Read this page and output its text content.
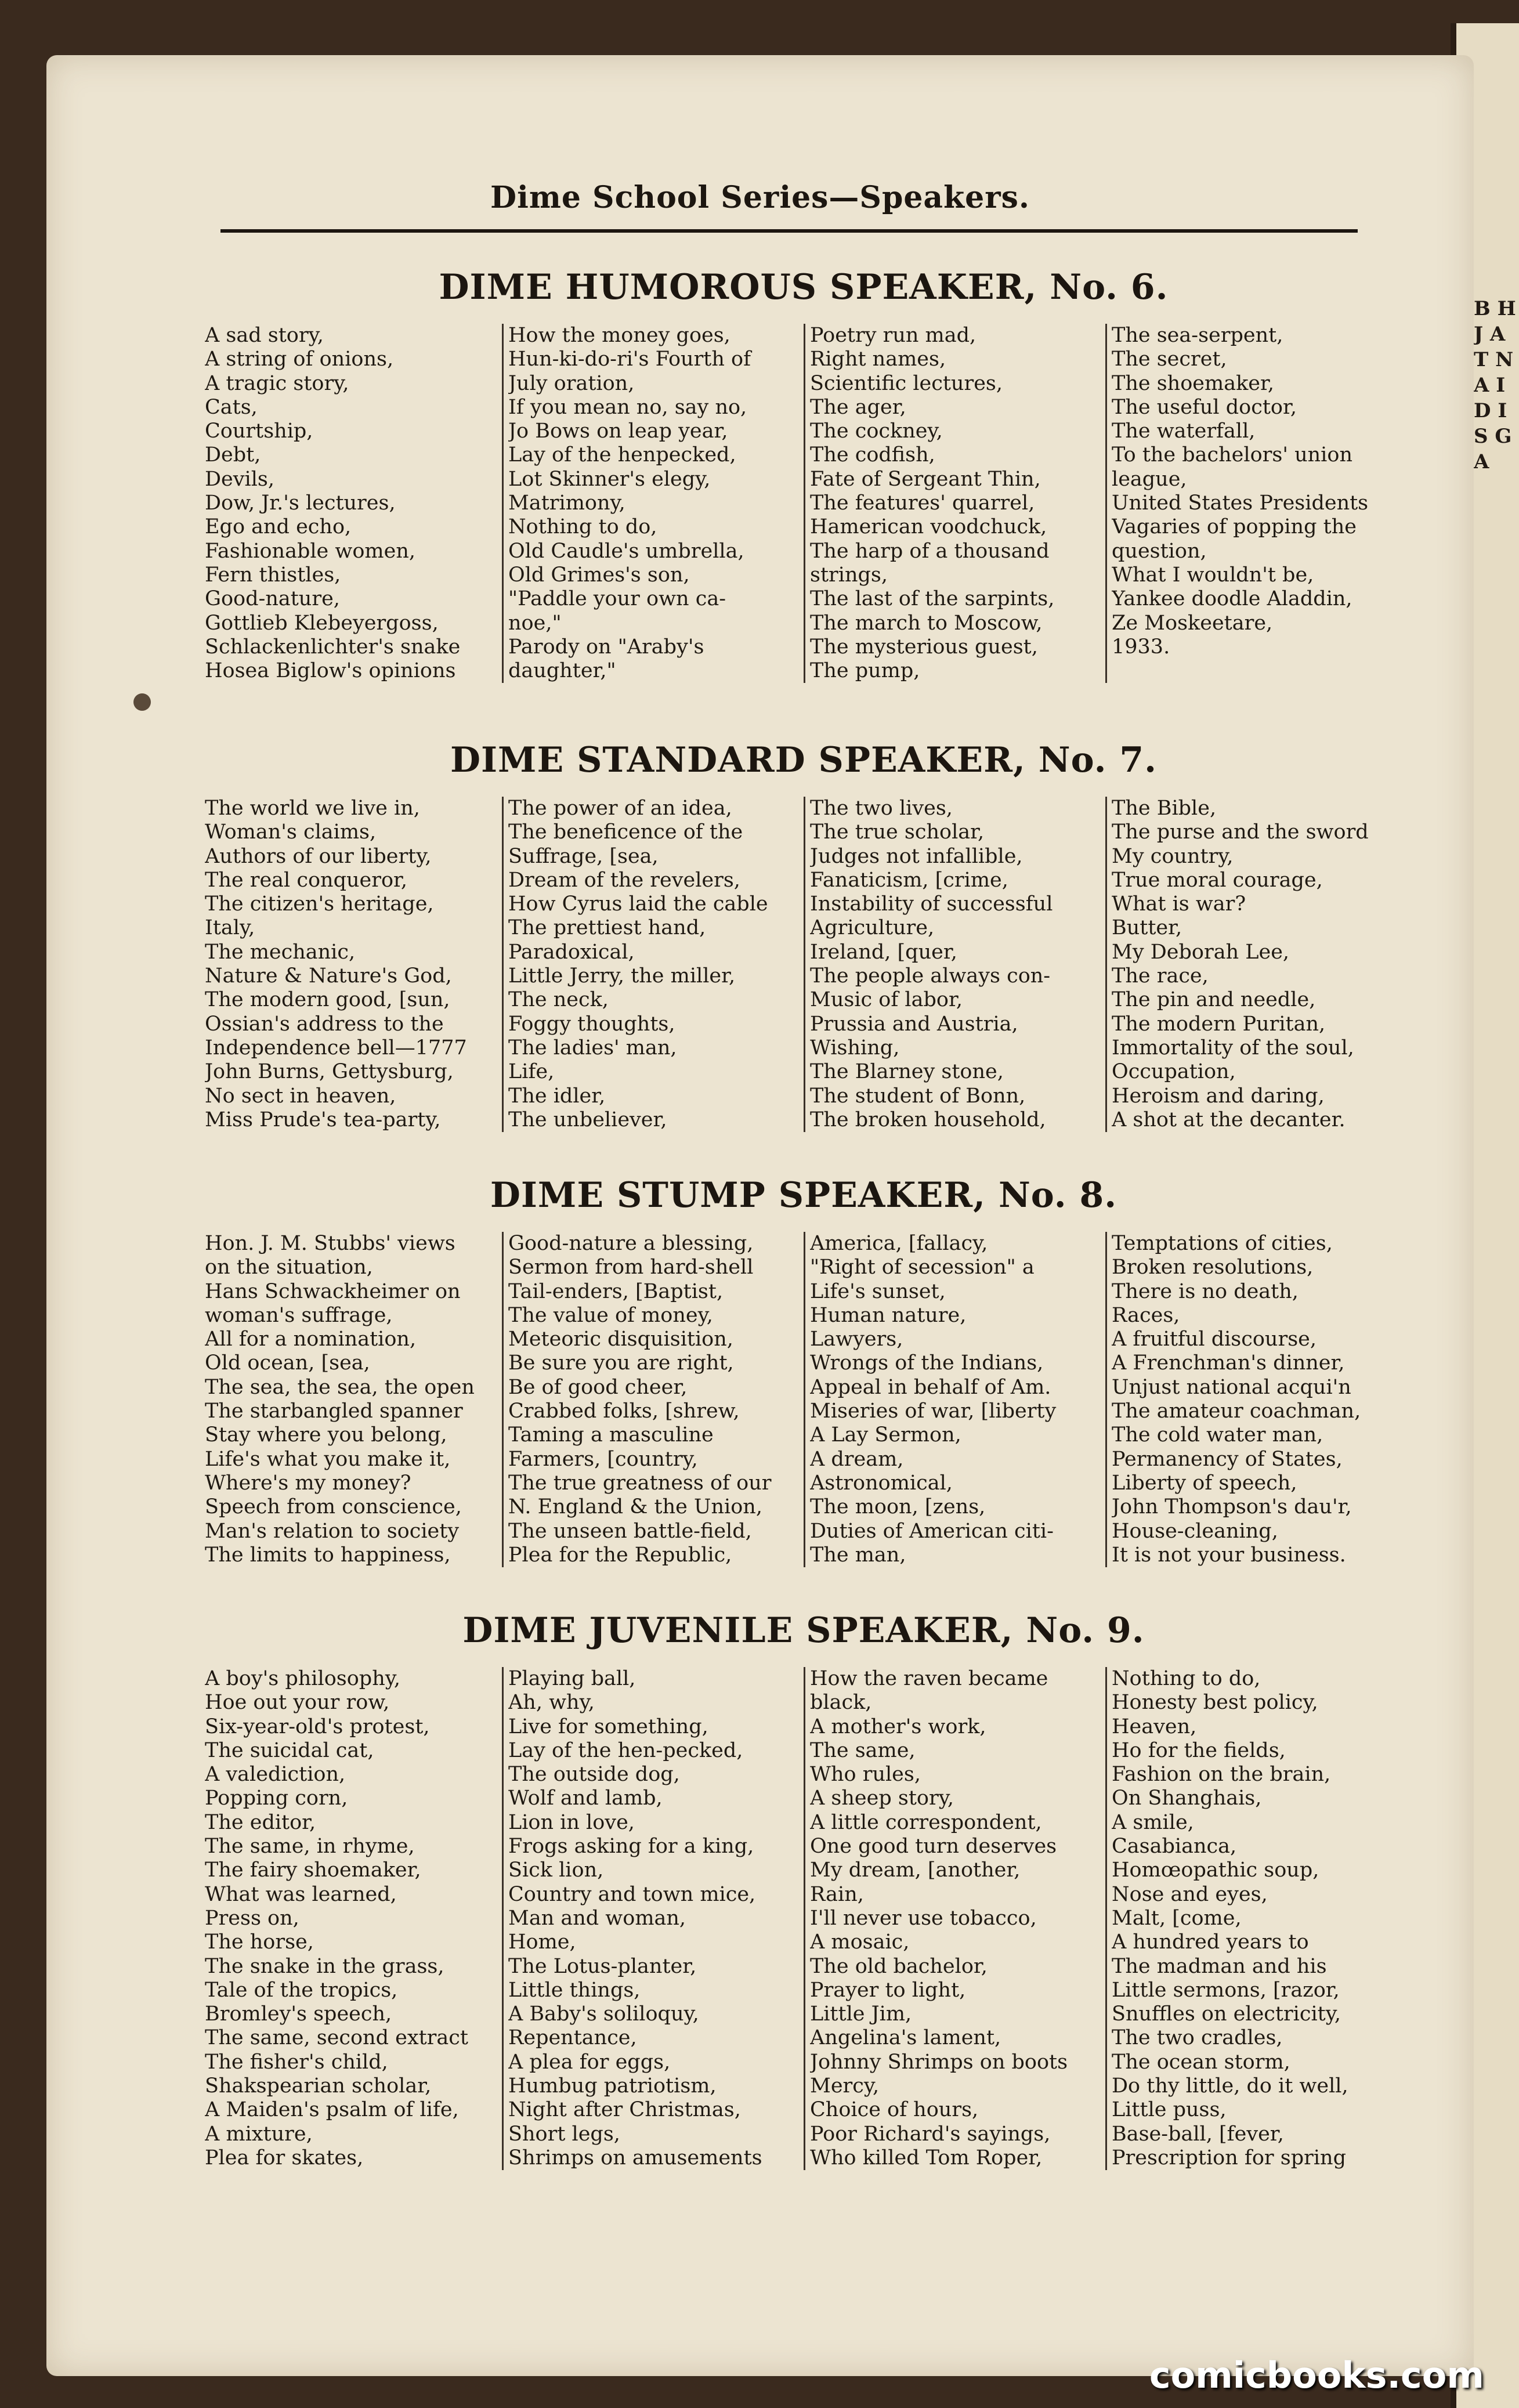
B H J A T N A I D I S G A
Dime School Series—Speakers.
DIME HUMOROUS SPEAKER, No. 6.
A sad story,
A string of onions,
A tragic story,
Cats,
Courtship,
Debt,
Devils,
Dow, Jr.'s lectures,
Ego and echo,
Fashionable women,
Fern thistles,
Good-nature,
Gottlieb Klebeyergoss,
Schlackenlichter's snake
Hosea Biglow's opinions
How the money goes,
Hun-ki-do-ri's Fourth of
July oration,
If you mean no, say no,
Jo Bows on leap year,
Lay of the henpecked,
Lot Skinner's elegy,
Matrimony,
Nothing to do,
Old Caudle's umbrella,
Old Grimes's son,
"Paddle your own ca-
noe,"
Parody on "Araby's
daughter,"
Poetry run mad,
Right names,
Scientific lectures,
The ager,
The cockney,
The codfish,
Fate of Sergeant Thin,
The features' quarrel,
Hamerican voodchuck,
The harp of a thousand
strings,
The last of the sarpints,
The march to Moscow,
The mysterious guest,
The pump,
The sea-serpent,
The secret,
The shoemaker,
The useful doctor,
The waterfall,
To the bachelors' union
league,
United States Presidents
Vagaries of popping the
question,
What I wouldn't be,
Yankee doodle Aladdin,
Ze Moskeetare,
1933.
DIME STANDARD SPEAKER, No. 7.
The world we live in,
Woman's claims,
Authors of our liberty,
The real conqueror,
The citizen's heritage,
Italy,
The mechanic,
Nature & Nature's God,
The modern good, [sun,
Ossian's address to the
Independence bell—1777
John Burns, Gettysburg,
No sect in heaven,
Miss Prude's tea-party,
The power of an idea,
The beneficence of the
Suffrage, [sea,
Dream of the revelers,
How Cyrus laid the cable
The prettiest hand,
Paradoxical,
Little Jerry, the miller,
The neck,
Foggy thoughts,
The ladies' man,
Life,
The idler,
The unbeliever,
The two lives,
The true scholar,
Judges not infallible,
Fanaticism, [crime,
Instability of successful
Agriculture,
Ireland, [quer,
The people always con-
Music of labor,
Prussia and Austria,
Wishing,
The Blarney stone,
The student of Bonn,
The broken household,
The Bible,
The purse and the sword
My country,
True moral courage,
What is war?
Butter,
My Deborah Lee,
The race,
The pin and needle,
The modern Puritan,
Immortality of the soul,
Occupation,
Heroism and daring,
A shot at the decanter.
DIME STUMP SPEAKER, No. 8.
Hon. J. M. Stubbs' views
on the situation,
Hans Schwackheimer on
woman's suffrage,
All for a nomination,
Old ocean, [sea,
The sea, the sea, the open
The starbangled spanner
Stay where you belong,
Life's what you make it,
Where's my money?
Speech from conscience,
Man's relation to society
The limits to happiness,
Good-nature a blessing,
Sermon from hard-shell
Tail-enders, [Baptist,
The value of money,
Meteoric disquisition,
Be sure you are right,
Be of good cheer,
Crabbed folks, [shrew,
Taming a masculine
Farmers, [country,
The true greatness of our
N. England & the Union,
The unseen battle-field,
Plea for the Republic,
America, [fallacy,
"Right of secession" a
Life's sunset,
Human nature,
Lawyers,
Wrongs of the Indians,
Appeal in behalf of Am.
Miseries of war, [liberty
A Lay Sermon,
A dream,
Astronomical,
The moon, [zens,
Duties of American citi-
The man,
Temptations of cities,
Broken resolutions,
There is no death,
Races,
A fruitful discourse,
A Frenchman's dinner,
Unjust national acqui'n
The amateur coachman,
The cold water man,
Permanency of States,
Liberty of speech,
John Thompson's dau'r,
House-cleaning,
It is not your business.
DIME JUVENILE SPEAKER, No. 9.
A boy's philosophy,
Hoe out your row,
Six-year-old's protest,
The suicidal cat,
A valediction,
Popping corn,
The editor,
The same, in rhyme,
The fairy shoemaker,
What was learned,
Press on,
The horse,
The snake in the grass,
Tale of the tropics,
Bromley's speech,
The same, second extract
The fisher's child,
Shakspearian scholar,
A Maiden's psalm of life,
A mixture,
Plea for skates,
Playing ball,
Ah, why,
Live for something,
Lay of the hen-pecked,
The outside dog,
Wolf and lamb,
Lion in love,
Frogs asking for a king,
Sick lion,
Country and town mice,
Man and woman,
Home,
The Lotus-planter,
Little things,
A Baby's soliloquy,
Repentance,
A plea for eggs,
Humbug patriotism,
Night after Christmas,
Short legs,
Shrimps on amusements
How the raven became
black,
A mother's work,
The same,
Who rules,
A sheep story,
A little correspondent,
One good turn deserves
My dream, [another,
Rain,
I'll never use tobacco,
A mosaic,
The old bachelor,
Prayer to light,
Little Jim,
Angelina's lament,
Johnny Shrimps on boots
Mercy,
Choice of hours,
Poor Richard's sayings,
Who killed Tom Roper,
Nothing to do,
Honesty best policy,
Heaven,
Ho for the fields,
Fashion on the brain,
On Shanghais,
A smile,
Casabianca,
Homœopathic soup,
Nose and eyes,
Malt, [come,
A hundred years to
The madman and his
Little sermons, [razor,
Snuffles on electricity,
The two cradles,
The ocean storm,
Do thy little, do it well,
Little puss,
Base-ball, [fever,
Prescription for spring
comicbooks.com
